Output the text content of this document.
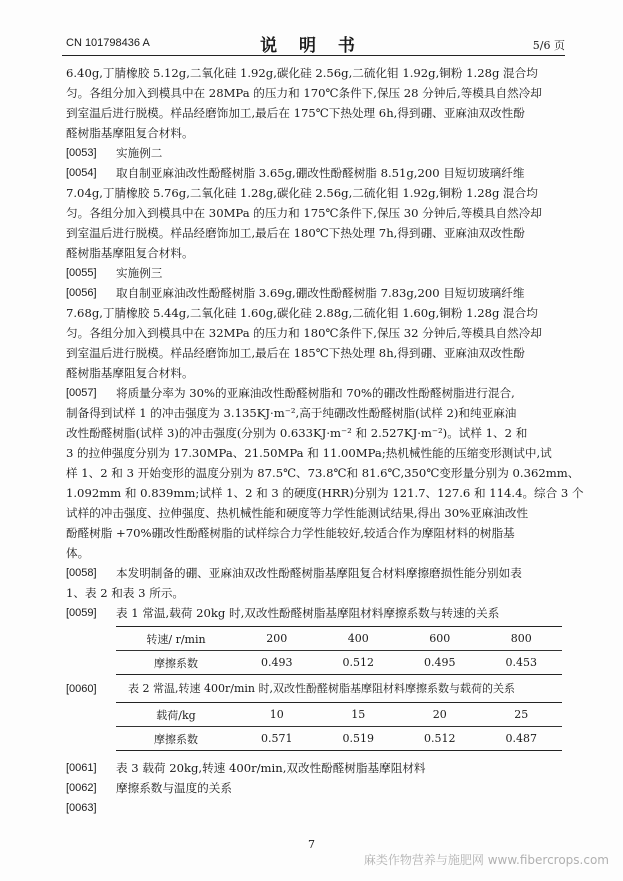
CN 101798436 A	说 明 书	5/6 页
6.40g,丁腈橡胶 5.12g,二氧化硅 1.92g,碳化硅 2.56g,二硫化钼 1.92g,铜粉 1.28g 混合均
匀。各组分加入到模具中在 28MPa 的压力和 170℃条件下,保压 28 分钟后,等模具自然冷却
到室温后进行脱模。样品经磨饰加工,最后在 175℃下热处理 6h,得到硼、亚麻油双改性酚
醛树脂基摩阻复合材料。
[0053] 实施例二
[0054] 取自制亚麻油改性酚醛树脂 3.65g,硼改性酚醛树脂 8.51g,200 目短切玻璃纤维
7.04g,丁腈橡胶 5.76g,二氧化硅 1.28g,碳化硅 2.56g,二硫化钼 1.92g,铜粉 1.28g 混合均
匀。各组分加入到模具中在 30MPa 的压力和 175℃条件下,保压 30 分钟后,等模具自然冷却
到室温后进行脱模。样品经磨饰加工,最后在 180℃下热处理 7h,得到硼、亚麻油双改性酚
醛树脂基摩阻复合材料。
[0055] 实施例三
[0056] 取自制亚麻油改性酚醛树脂 3.69g,硼改性酚醛树脂 7.83g,200 目短切玻璃纤维
7.68g,丁腈橡胶 5.44g,二氧化硅 1.60g,碳化硅 2.88g,二硫化钼 1.60g,铜粉 1.28g 混合均
匀。各组分加入到模具中在 32MPa 的压力和 180℃条件下,保压 32 分钟后,等模具自然冷却
到室温后进行脱模。样品经磨饰加工,最后在 185℃下热处理 8h,得到硼、亚麻油双改性酚
醛树脂基摩阻复合材料。
[0057] 将质量分率为 30%的亚麻油改性酚醛树脂和 70%的硼改性酚醛树脂进行混合,
制备得到试样 1 的冲击强度为 3.135KJ·m⁻²,高于纯硼改性酚醛树脂(试样 2)和纯亚麻油
改性酚醛树脂(试样 3)的冲击强度(分别为 0.633KJ·m⁻² 和 2.527KJ·m⁻²)。试样 1、2 和
3 的拉伸强度分别为 17.30MPa、21.50MPa 和 11.00MPa;热机械性能的压缩变形测试中,试
样 1、2 和 3 开始变形的温度分别为 87.5℃、73.8℃和 81.6℃,350℃变形量分别为 0.362mm、
1.092mm 和 0.839mm;试样 1、2 和 3 的硬度(HRR)分别为 121.7、127.6 和 114.4。综合 3 个
试样的冲击强度、拉伸强度、热机械性能和硬度等力学性能测试结果,得出 30%亚麻油改性
酚醛树脂 +70%硼改性酚醛树脂的试样综合力学性能较好,较适合作为摩阻材料的树脂基
体。
[0058] 本发明制备的硼、亚麻油双改性酚醛树脂基摩阻复合材料摩擦磨损性能分别如表
1、表 2 和表 3 所示。
[0059] 表 1 常温,载荷 20kg 时,双改性酚醛树脂基摩阻材料摩擦系数与转速的关系
转速/ r/min	200	400	600	800
摩擦系数	0.493	0.512	0.495	0.453
[0060]	表 2 常温,转速 400r/min 时,双改性酚醛树脂基摩阻材料摩擦系数与载荷的关系
载荷/kg	10	15	20	25
摩擦系数	0.571	0.519	0.512	0.487
[0061] 表 3 载荷 20kg,转速 400r/min,双改性酚醛树脂基摩阻材料
[0062] 摩擦系数与温度的关系
[0063]
7
麻类作物营养与施肥网 www.fibercrops.com
